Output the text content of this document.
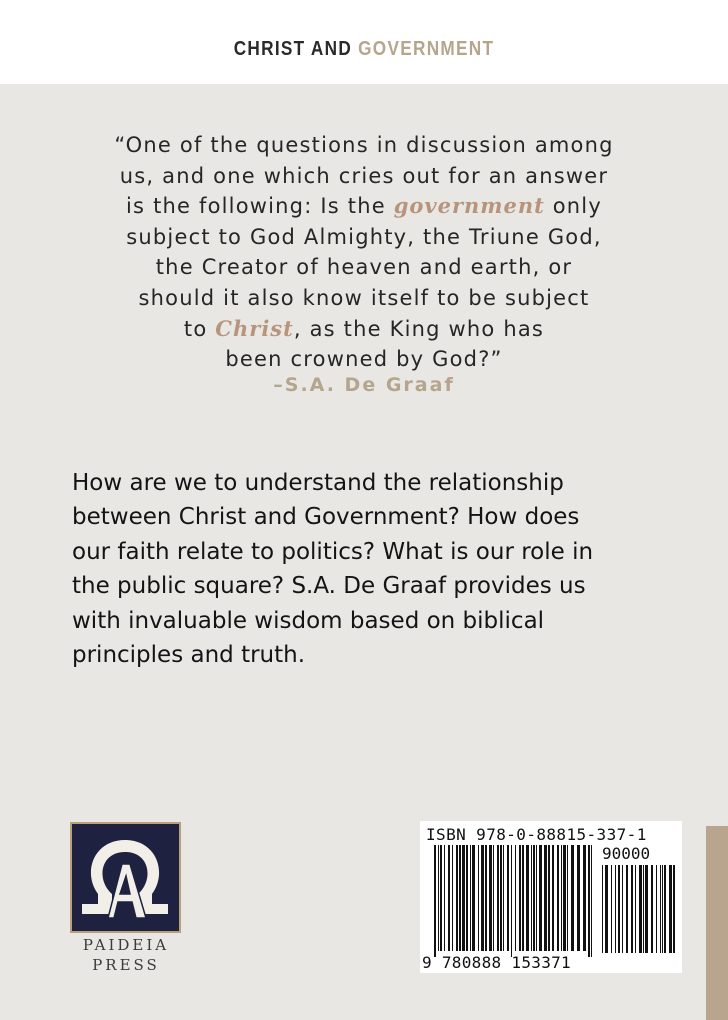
CHRIST AND GOVERNMENT
“One of the questions in discussion among
us, and one which cries out for an answer
is the following: Is the government only
subject to God Almighty, the Triune God,
the Creator of heaven and earth, or
should it also know itself to be subject
to Christ, as the King who has
been crowned by God?”
–S.A. De Graaf
How are we to understand the relationship
between Christ and Government? How does
our faith relate to politics? What is our role in
the public square? S.A. De Graaf provides us
with invaluable wisdom based on biblical
principles and truth.
PAIDEIA
PRESS
ISBN 978-0-88815-337-1
90000
9 780888 153371
